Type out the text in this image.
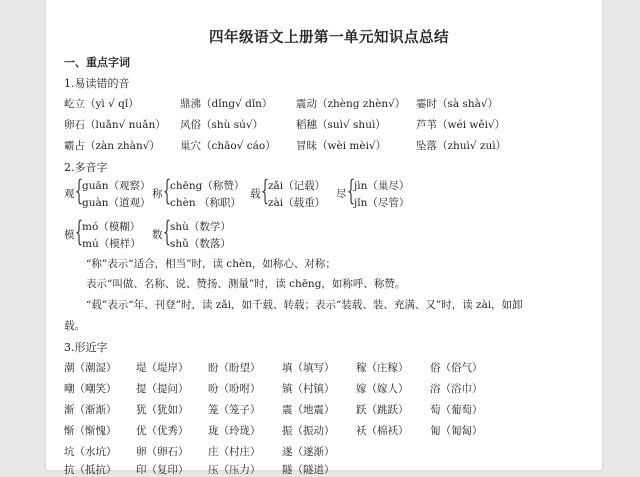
四年级语文上册第一单元知识点总结
一、重点字词
1.易读错的音
屹立（yì √ qǐ）	鼎沸（dǐng√ dǐn） 震动（zhèng zhèn√） 霎时（sà shà√）
卵石（luǎn√ nuǎn） 风俗（shù sú√）	稻穗（suì√ shuì）	芦苇（wéi wěi√）
霸占（zàn zhàn√） 巢穴（chāo√ cáo） 冒昧（wèi mèi√）	坠落（zhuì√ zuì）
2.多音字
观 {
guān（观察）
guàn（道观）
称 {
chēng（称赞）
chèn （称职）
载 {
zǎi（记载）
zài（载重）
尽 {
jìn（巢尽）
jǐn（尽管）
模 {
mó（模糊）
mú（模样）
数 {
shù（数学）
shǔ（数落）
“称”表示“适合，相当”时，读 chèn，如称心、对称；
表示“叫做、名称、说、赞扬、测量”时，读 chēng，如称呼、称赞。
“载”表示“年、刊登”时，读 zǎi，如千载、转载；表示“装载、装、充满、又”时，读 zài，如卸
载。
3.形近字
潮（潮湿） 堤（堤岸） 盼（盼望） 填（填写） 稼（庄稼） 俗（俗气）
嘲（嘲笑） 提（提问） 吩（吩咐） 镇（村镇） 嫁（嫁人） 浴（浴巾）
渐（渐渐） 犹（犹如） 笼（笼子） 震（地震） 跃（跳跃） 萄（葡萄）
惭（惭愧） 优（优秀） 珑（玲珑） 振（振动） 袄（棉袄） 匍（匍匐）
坑（水坑） 卵（卵石） 庄（村庄） 遂（遂渐）
抗（抵抗） 印（复印） 压（压力） 隧（隧道）
